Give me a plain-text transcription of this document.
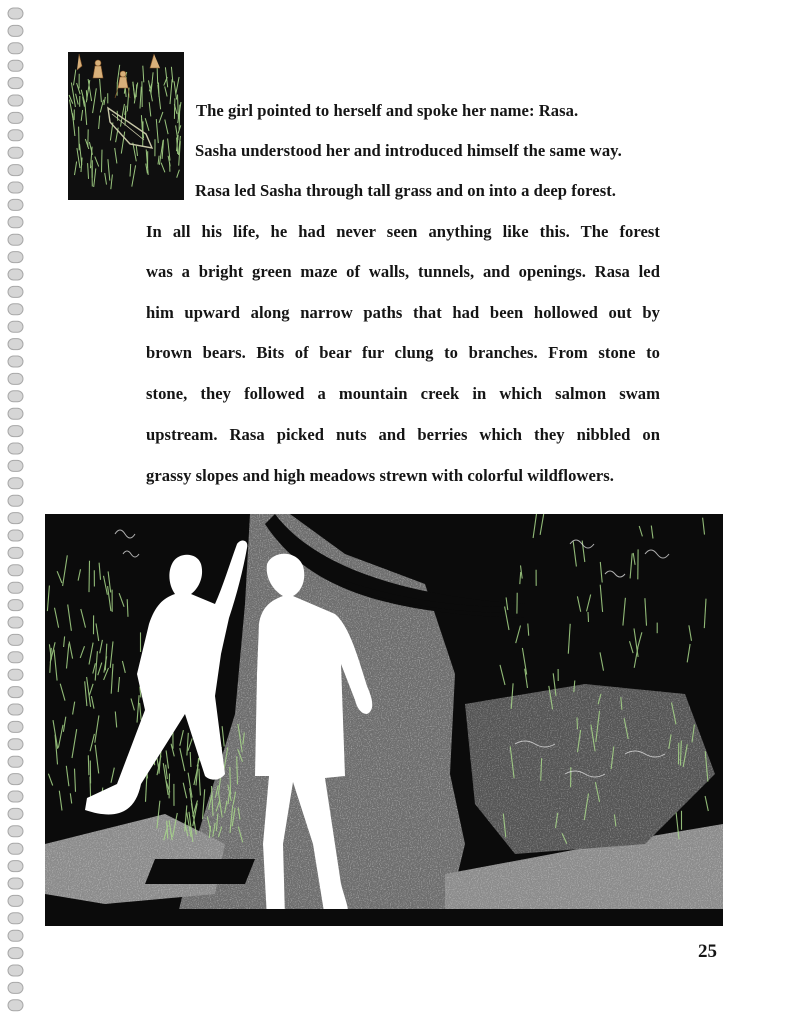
The girl pointed to herself and spoke her name: Rasa.
Sasha understood her and introduced himself the same way.
Rasa led Sasha through tall grass and on into a deep forest.
In all his life, he had never seen anything like this. The forest
was a bright green maze of walls, tunnels, and openings. Rasa led
him upward along narrow paths that had been hollowed out by
brown bears. Bits of bear fur clung to branches. From stone to
stone, they followed a mountain creek in which salmon swam
upstream. Rasa picked nuts and berries which they nibbled on
grassy slopes and high meadows strewn with colorful wildflowers.
25
